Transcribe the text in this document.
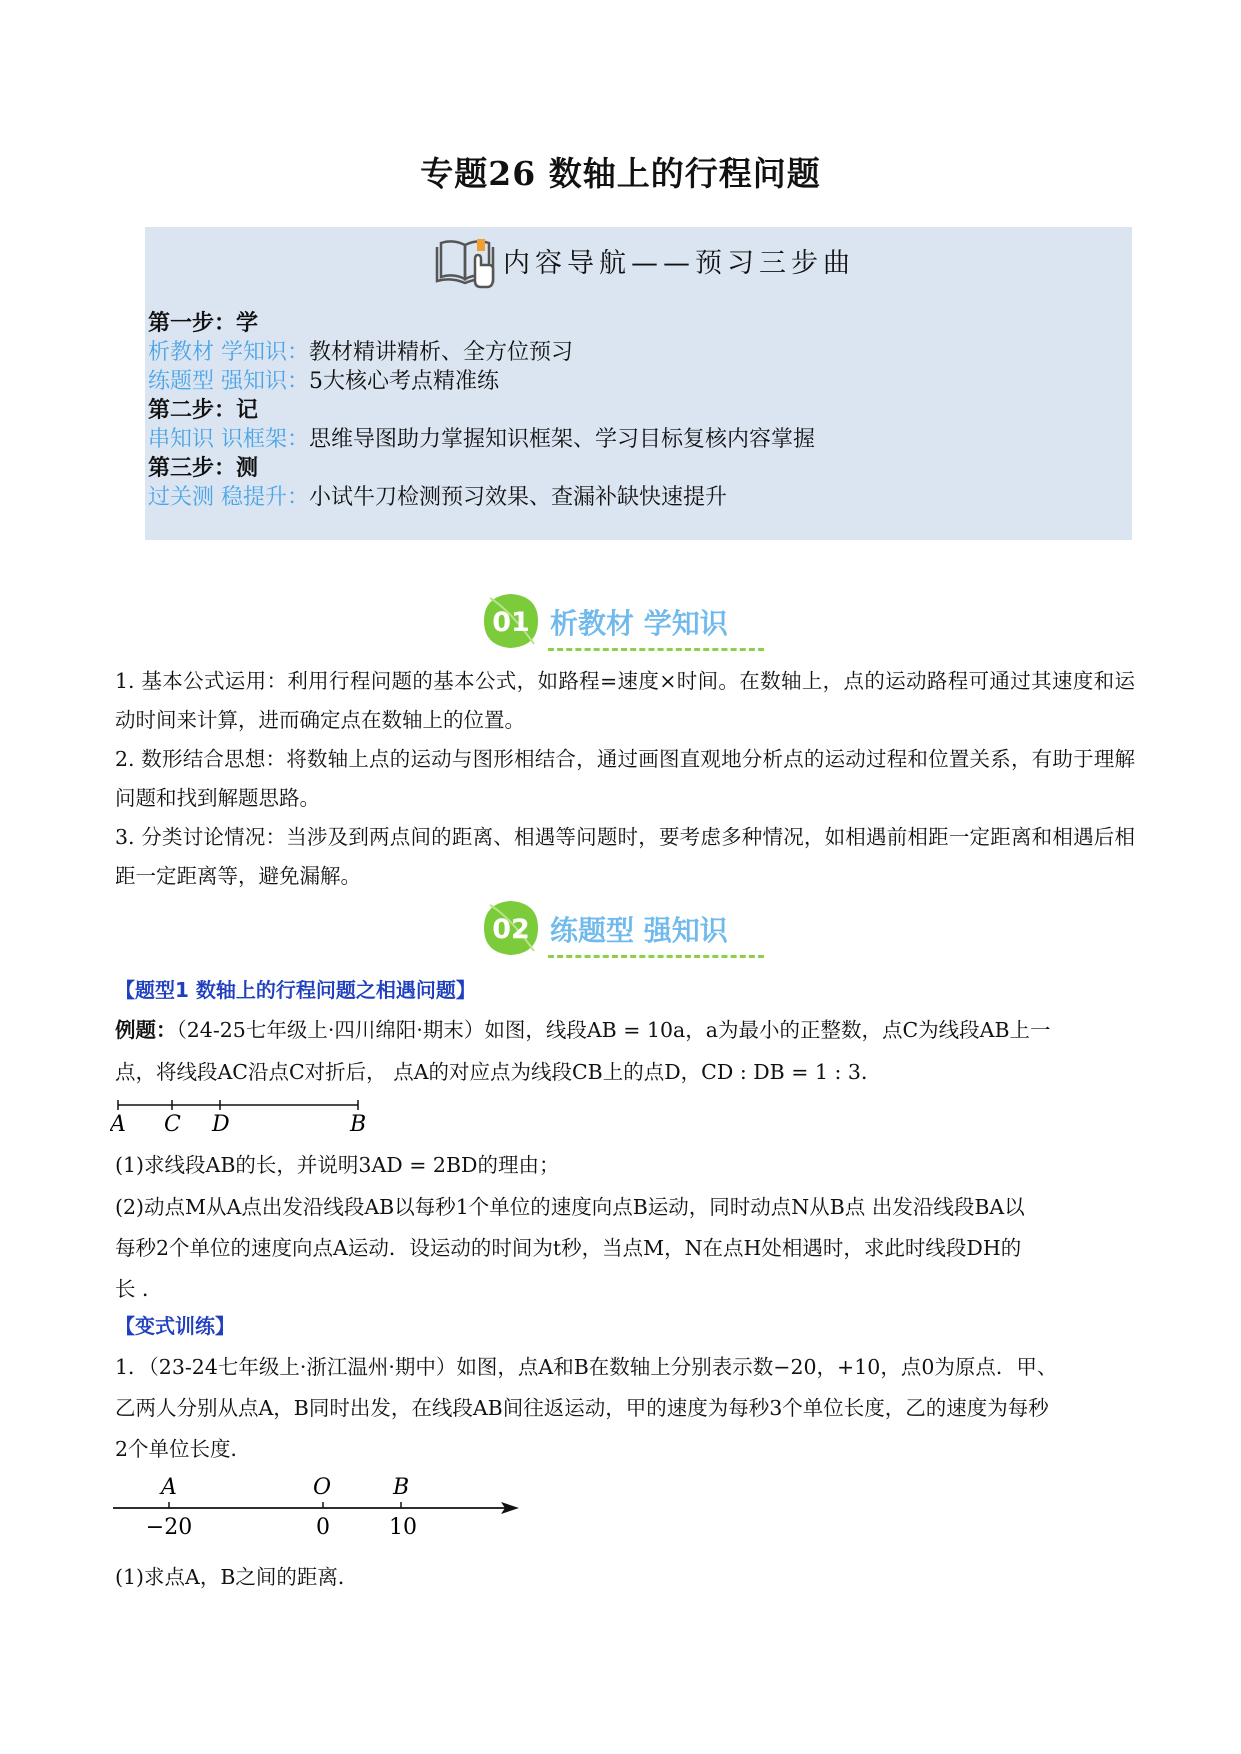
专题26 数轴上的行程问题
内容导航——预习三步曲
第一步：学
析教材 学知识：教材精讲精析、全方位预习
练题型 强知识：5大核心考点精准练
第二步：记
串知识 识框架：思维导图助力掌握知识框架、学习目标复核内容掌握
第三步：测
过关测 稳提升：小试牛刀检测预习效果、查漏补缺快速提升
01 析教材 学知识
1. 基本公式运用：利用行程问题的基本公式，如路程=速度×时间。在数轴上，点的运动路程可通过其速度和运动时间来计算，进而确定点在数轴上的位置。
2. 数形结合思想：将数轴上点的运动与图形相结合，通过画图直观地分析点的运动过程和位置关系，有助于理解问题和找到解题思路。
3. 分类讨论情况：当涉及到两点间的距离、相遇等问题时，要考虑多种情况，如相遇前相距一定距离和相遇后相距一定距离等，避免漏解。
02 练题型 强知识
【题型1 数轴上的行程问题之相遇问题】
例题：（24-25七年级上·四川绵阳·期末）如图，线段AB = 10a，a为最小的正整数，点C为线段AB上一
点，将线段AC沿点C对折后， 点A的对应点为线段CB上的点D，CD : DB = 1 : 3．
A C D	B
(1)求线段AB的长，并说明3AD = 2BD的理由；
(2)动点M从A点出发沿线段AB以每秒1个单位的速度向点B运动，同时动点N从B点 出发沿线段BA以
每秒2个单位的速度向点A运动．设运动的时间为t秒，当点M，N在点H处相遇时，求此时线段DH的
长 ．
【变式训练】
1．（23-24七年级上·浙江温州·期中）如图，点A和B在数轴上分别表示数−20，+10，点0为原点．甲、
乙两人分别从点A，B同时出发，在线段AB间往返运动，甲的速度为每秒3个单位长度，乙的速度为每秒
2个单位长度．
A	O	B
−20	0	10
(1)求点A，B之间的距离．
